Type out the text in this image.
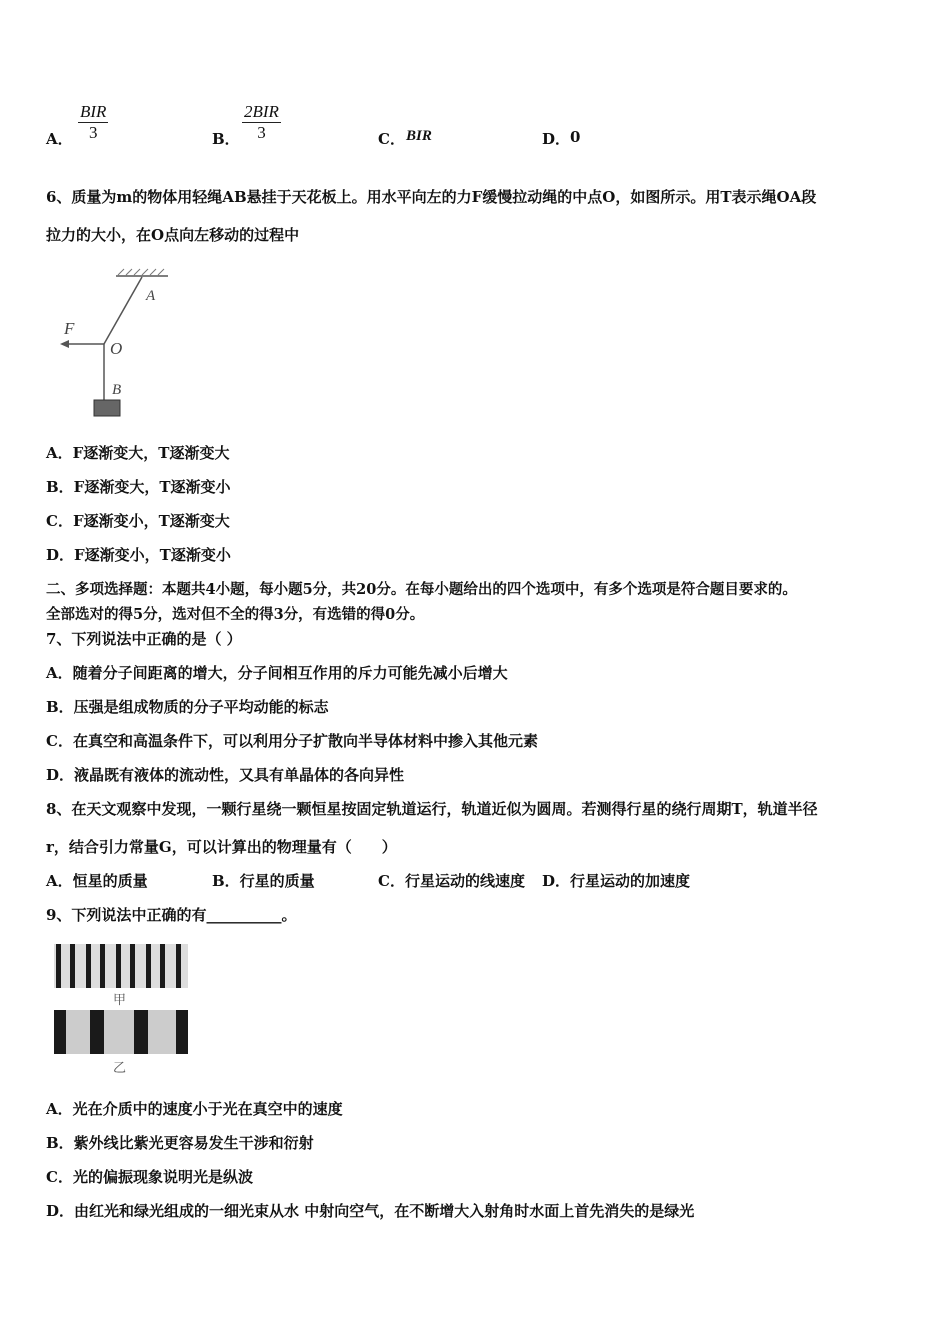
A．
BIR
3	B．
2BIR
3	C． BIR	D． 0
6、质量为m的物体用轻绳AB悬挂于天花板上。用水平向左的力F缓慢拉动绳的中点O，如图所示。用T表示绳OA段
拉力的大小，在O点向左移动的过程中
A
F
O
B
A．F逐渐变大，T逐渐变大
B．F逐渐变大，T逐渐变小
C．F逐渐变小，T逐渐变大
D．F逐渐变小，T逐渐变小
二、多项选择题：本题共4小题，每小题5分，共20分。在每小题给出的四个选项中，有多个选项是符合题目要求的。
全部选对的得5分，选对但不全的得3分，有选错的得0分。
7、下列说法中正确的是（ ）
A．随着分子间距离的增大，分子间相互作用的斥力可能先减小后增大
B．压强是组成物质的分子平均动能的标志
C．在真空和高温条件下，可以利用分子扩散向半导体材料中掺入其他元素
D．液晶既有液体的流动性，又具有单晶体的各向异性
8、在天文观察中发现，一颗行星绕一颗恒星按固定轨道运行，轨道近似为圆周。若测得行星的绕行周期T，轨道半径
r，结合引力常量G，可以计算出的物理量有（　　）
A．恒星的质量	B．行星的质量	C．行星运动的线速度 D．行星运动的加速度
9、下列说法中正确的有__________。
甲
乙
A．光在介质中的速度小于光在真空中的速度
B．紫外线比紫光更容易发生干涉和衍射
C．光的偏振现象说明光是纵波
D．由红光和绿光组成的一细光束从水 中射向空气，在不断增大入射角时水面上首先消失的是绿光
